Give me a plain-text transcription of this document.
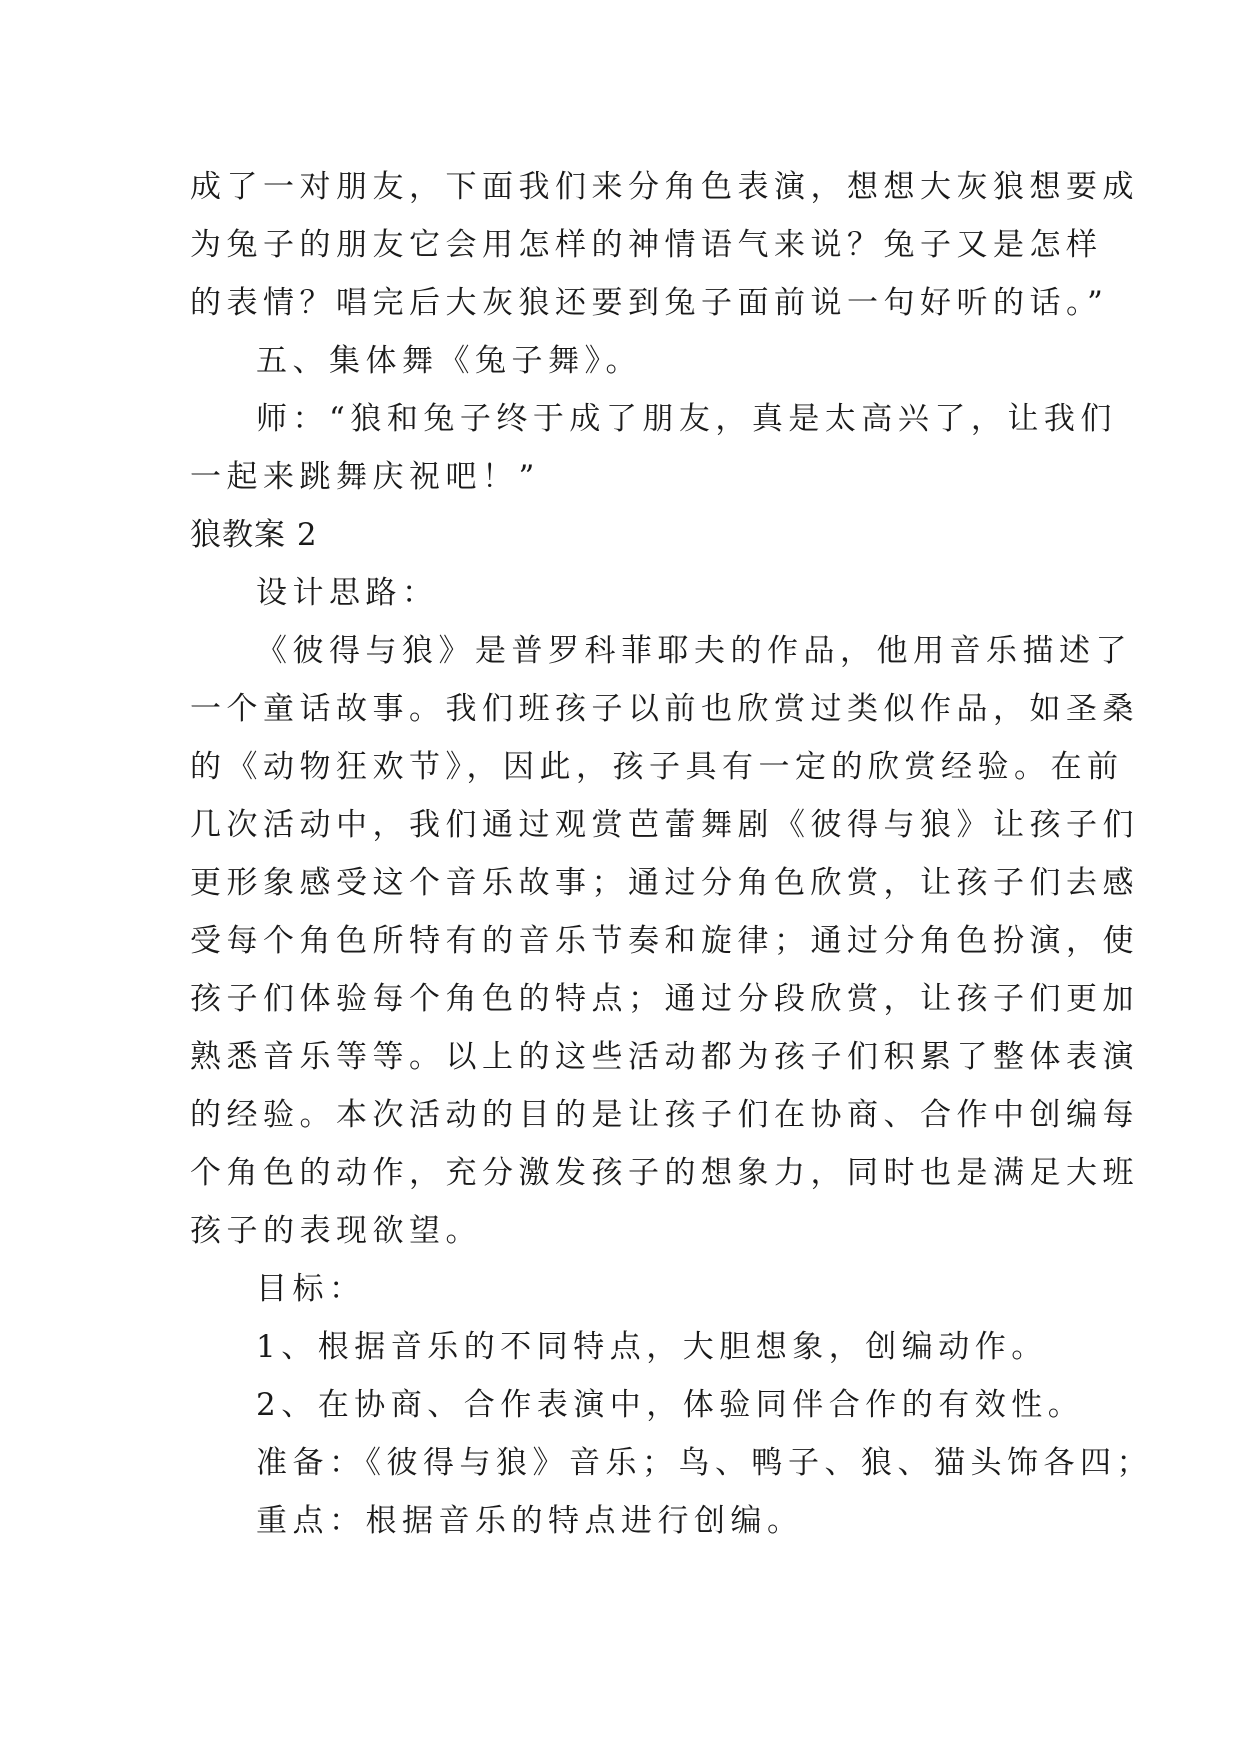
成了一对朋友，下面我们来分角色表演，想想大灰狼想要成
为兔子的朋友它会用怎样的神情语气来说？兔子又是怎样
的表情？唱完后大灰狼还要到兔子面前说一句好听的话。”
五、集体舞《兔子舞》。
师：“狼和兔子终于成了朋友，真是太高兴了，让我们
一起来跳舞庆祝吧！”
狼教案 2
设计思路：
《彼得与狼》是普罗科菲耶夫的作品，他用音乐描述了
一个童话故事。我们班孩子以前也欣赏过类似作品，如圣桑
的《动物狂欢节》，因此，孩子具有一定的欣赏经验。在前
几次活动中，我们通过观赏芭蕾舞剧《彼得与狼》让孩子们
更形象感受这个音乐故事；通过分角色欣赏，让孩子们去感
受每个角色所特有的音乐节奏和旋律；通过分角色扮演，使
孩子们体验每个角色的特点；通过分段欣赏，让孩子们更加
熟悉音乐等等。以上的这些活动都为孩子们积累了整体表演
的经验。本次活动的目的是让孩子们在协商、合作中创编每
个角色的动作，充分激发孩子的想象力，同时也是满足大班
孩子的表现欲望。
目标：
1、根据音乐的不同特点，大胆想象，创编动作。
2、在协商、合作表演中，体验同伴合作的有效性。
准备：《彼得与狼》音乐；鸟、鸭子、狼、猫头饰各四；
重点：根据音乐的特点进行创编。
